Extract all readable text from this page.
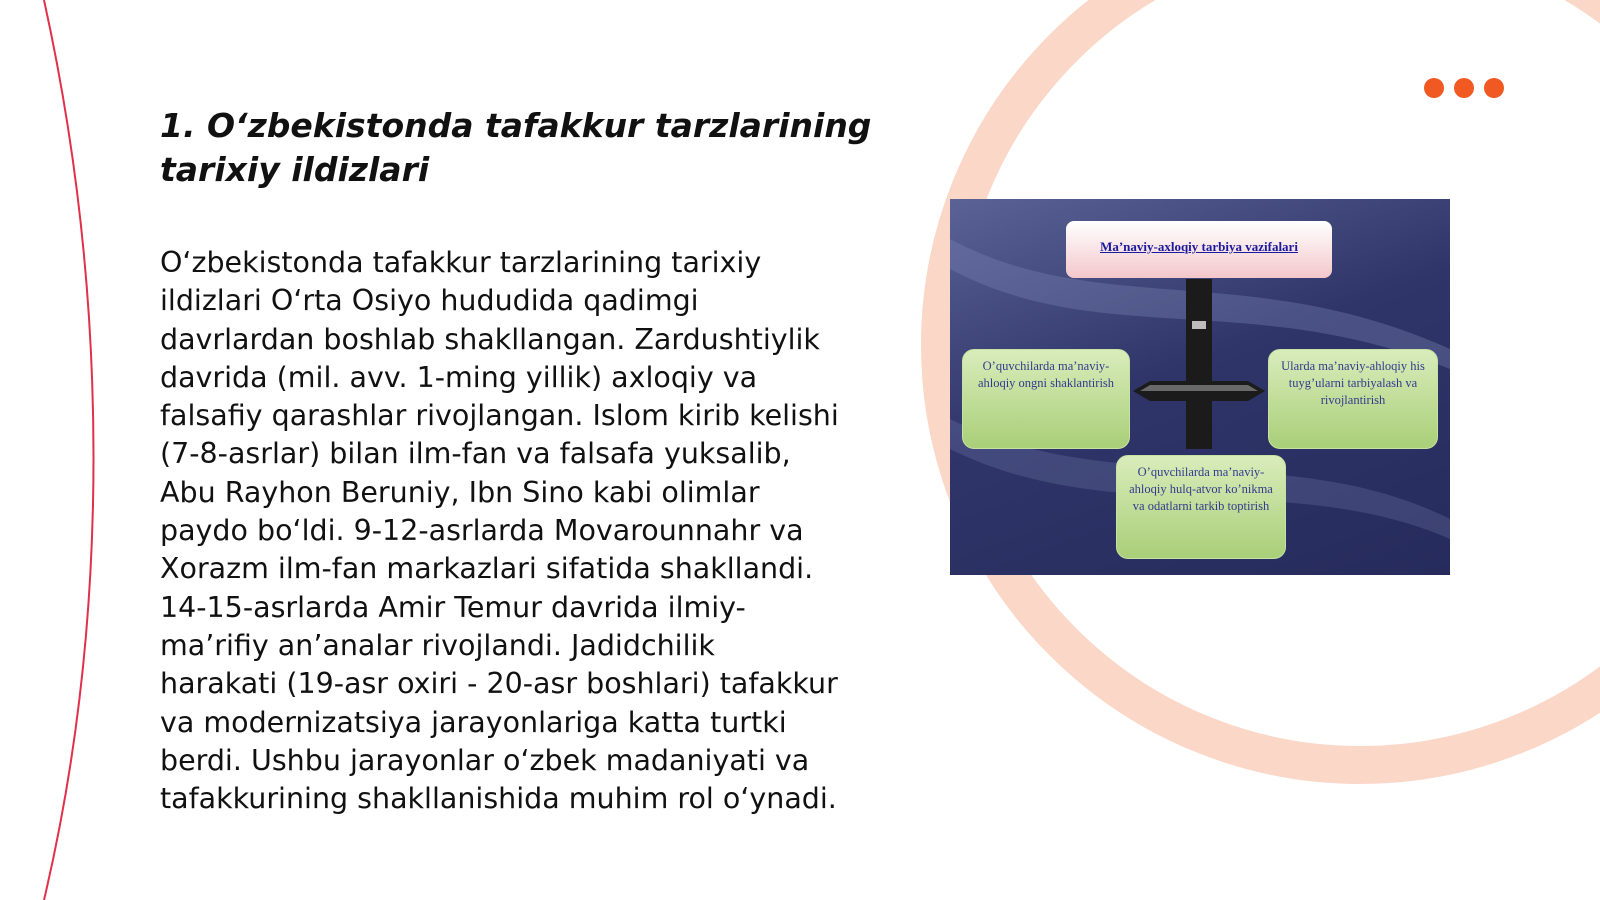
1. O‘zbekistonda tafakkur tarzlarining tarixiy ildizlari

O‘zbekistonda tafakkur tarzlarining tarixiy ildizlari O‘rta Osiyo hududida qadimgi davrlardan boshlab shakllangan. Zardushtiylik davrida (mil. avv. 1-ming yillik) axloqiy va falsafiy qarashlar rivojlangan. Islom kirib kelishi (7-8-asrlar) bilan ilm-fan va falsafa yuksalib, Abu Rayhon Beruniy, Ibn Sino kabi olimlar paydo bo‘ldi. 9-12-asrlarda Movarounnahr va Xorazm ilm-fan markazlari sifatida shakllandi. 14-15-asrlarda Amir Temur davrida ilmiy-ma’rifiy an’analar rivojlandi. Jadidchilik harakati (19-asr oxiri - 20-asr boshlari) tafakkur va modernizatsiya jarayonlariga katta turtki berdi. Ushbu jarayonlar o‘zbek madaniyati va tafakkurining shakllanishida muhim rol o‘ynadi.

Ma’naviy-axloqiy tarbiya vazifalari
O’quvchilarda ma’naviy-ahloqiy ongni shaklantirish
Ularda ma’naviy-ahloqiy his tuyg’ularni tarbiyalash va rivojlantirish
O’quvchilarda ma’naviy-ahloqiy hulq-atvor ko’nikma va odatlarni tarkib toptirish
